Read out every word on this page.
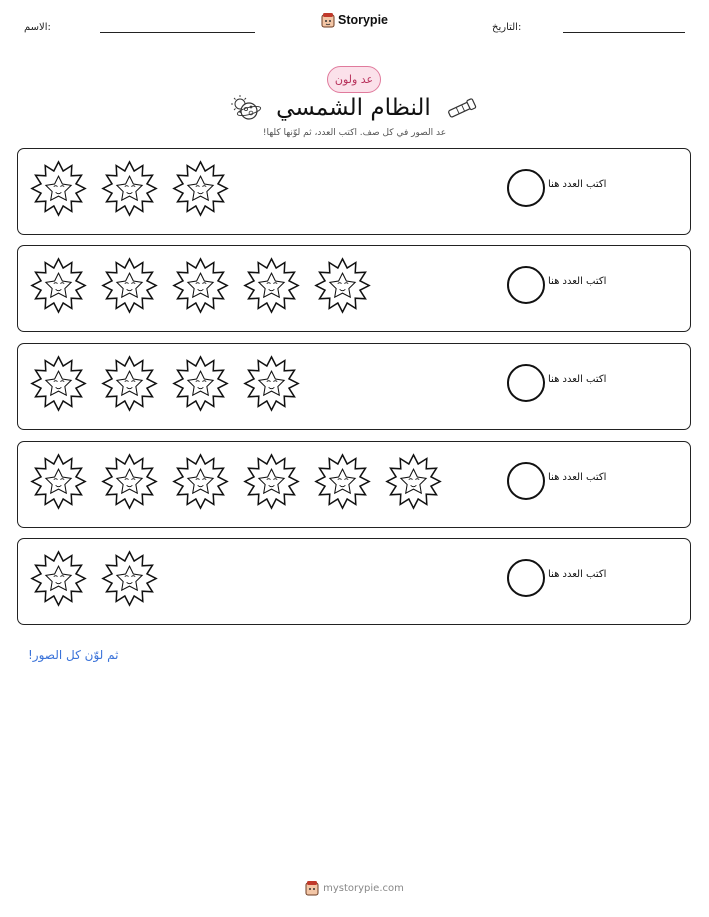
الاسم:	التاريخ:
Storypie
عد ولون
النظام الشمسي
عد الصور في كل صف. اكتب العدد، ثم لوّنها كلها!
اكتب العدد هنا
اكتب العدد هنا
اكتب العدد هنا
اكتب العدد هنا
اكتب العدد هنا
ثم لوّن كل الصور!
mystorypie.com
